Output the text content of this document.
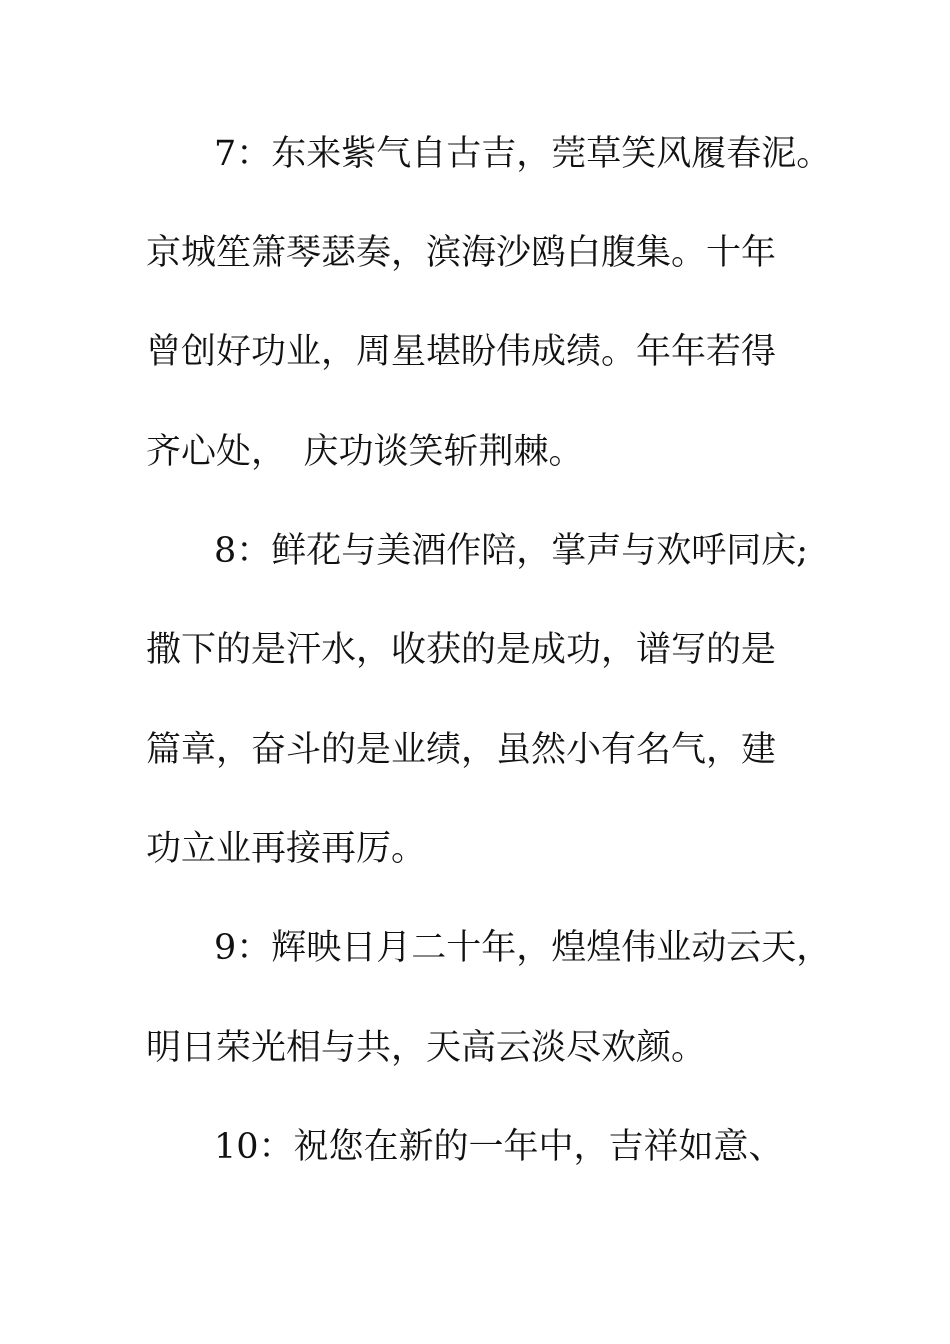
7：东来紫气自古吉，莞草笑风履春泥。

京城笙箫琴瑟奏，滨海沙鸥白腹集。十年

曾创好功业，周星堪盼伟成绩。年年若得

齐心处，　庆功谈笑斩荆棘。

8：鲜花与美酒作陪，掌声与欢呼同庆;

撒下的是汗水，收获的是成功，谱写的是

篇章，奋斗的是业绩，虽然小有名气，建

功立业再接再厉。

9：辉映日月二十年，煌煌伟业动云天，

明日荣光相与共，天高云淡尽欢颜。

10：祝您在新的一年中，吉祥如意、
